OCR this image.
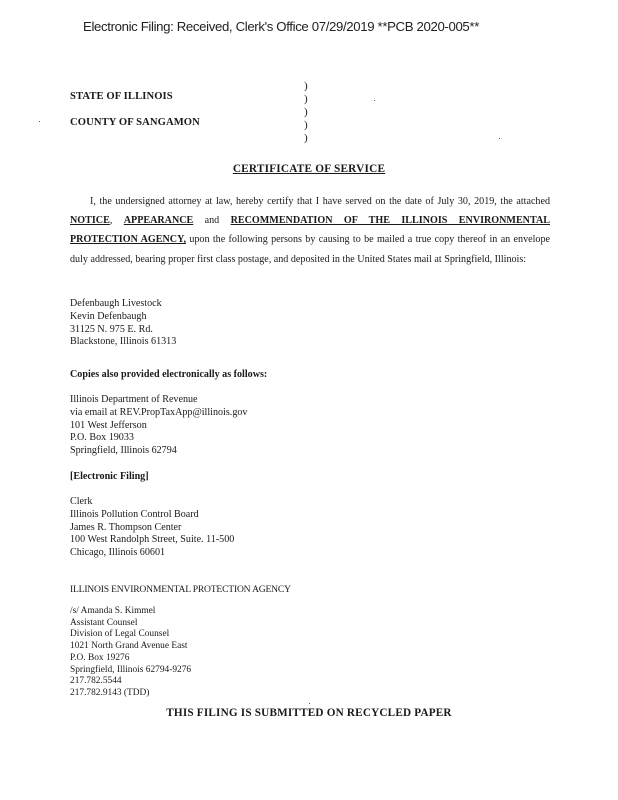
Electronic Filing: Received, Clerk's Office 07/29/2019 **PCB 2020-005**
STATE OF ILLINOIS
COUNTY OF SANGAMON
)
)
)
)
)
CERTIFICATE OF SERVICE
I, the undersigned attorney at law, hereby certify that I have served on the date of July 30, 2019, the attached NOTICE, APPEARANCE and RECOMMENDATION OF THE ILLINOIS ENVIRONMENTAL PROTECTION AGENCY, upon the following persons by causing to be mailed a true copy thereof in an envelope duly addressed, bearing proper first class postage, and deposited in the United States mail at Springfield, Illinois:
Defenbaugh Livestock
Kevin Defenbaugh
31125 N. 975 E. Rd.
Blackstone, Illinois 61313
Copies also provided electronically as follows:
Illinois Department of Revenue
via email at REV.PropTaxApp@illinois.gov
101 West Jefferson
P.O. Box 19033
Springfield, Illinois 62794
[Electronic Filing]
Clerk
Illinois Pollution Control Board
James R. Thompson Center
100 West Randolph Street, Suite. 11-500
Chicago, Illinois 60601
ILLINOIS ENVIRONMENTAL PROTECTION AGENCY
/s/ Amanda S. Kimmel
Assistant Counsel
Division of Legal Counsel
1021 North Grand Avenue East
P.O. Box 19276
Springfield, Illinois 62794-9276
217.782.5544
217.782.9143 (TDD)
THIS FILING IS SUBMITTED ON RECYCLED PAPER
